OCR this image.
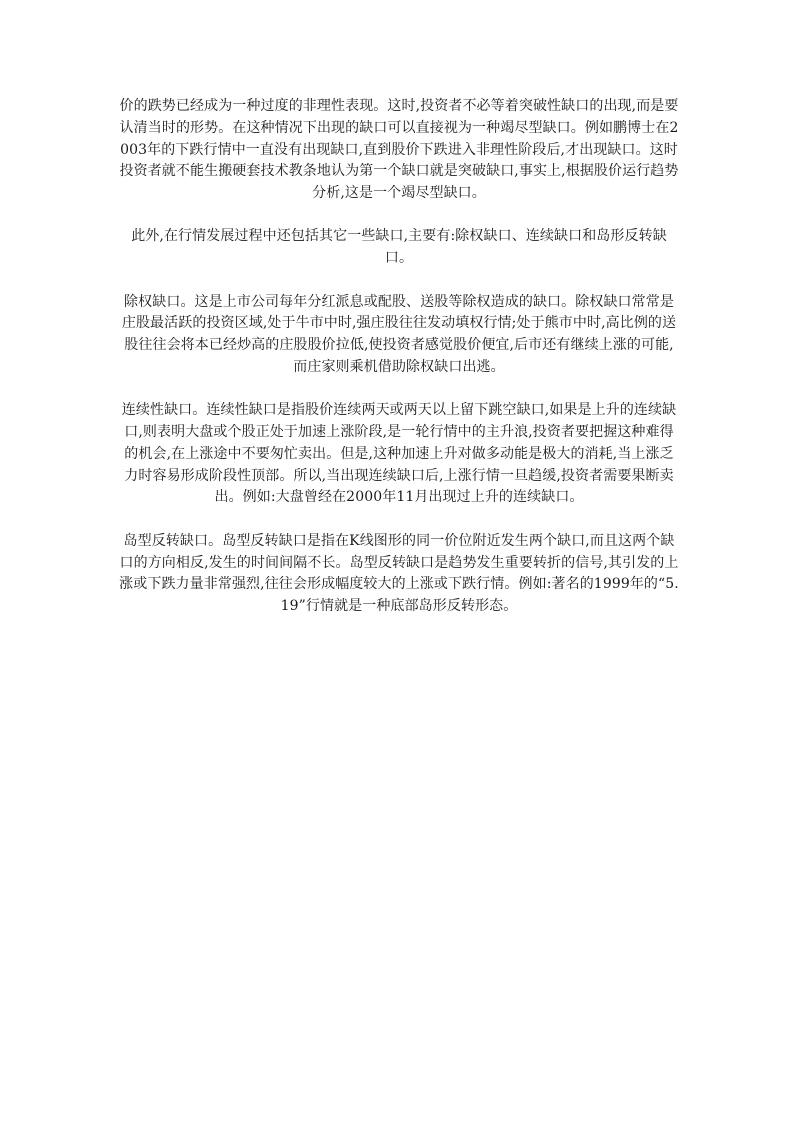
价的跌势已经成为一种过度的非理性表现。这时,投资者不必等着突破性缺口的出现,而是要认清当时的形势。在这种情况下出现的缺口可以直接视为一种竭尽型缺口。例如鹏博士在2003年的下跌行情中一直没有出现缺口,直到股价下跌进入非理性阶段后,才出现缺口。这时投资者就不能生搬硬套技术教条地认为第一个缺口就是突破缺口,事实上,根据股价运行趋势分析,这是一个竭尽型缺口。

此外,在行情发展过程中还包括其它一些缺口,主要有:除权缺口、连续缺口和岛形反转缺口。

除权缺口。这是上市公司每年分红派息或配股、送股等除权造成的缺口。除权缺口常常是庄股最活跃的投资区域,处于牛市中时,强庄股往往发动填权行情;处于熊市中时,高比例的送股往往会将本已经炒高的庄股股价拉低,使投资者感觉股价便宜,后市还有继续上涨的可能,而庄家则乘机借助除权缺口出逃。

连续性缺口。连续性缺口是指股价连续两天或两天以上留下跳空缺口,如果是上升的连续缺口,则表明大盘或个股正处于加速上涨阶段,是一轮行情中的主升浪,投资者要把握这种难得的机会,在上涨途中不要匆忙卖出。但是,这种加速上升对做多动能是极大的消耗,当上涨乏力时容易形成阶段性顶部。所以,当出现连续缺口后,上涨行情一旦趋缓,投资者需要果断卖出。例如:大盘曾经在2000年11月出现过上升的连续缺口。

岛型反转缺口。岛型反转缺口是指在K线图形的同一价位附近发生两个缺口,而且这两个缺口的方向相反,发生的时间间隔不长。岛型反转缺口是趋势发生重要转折的信号,其引发的上涨或下跌力量非常强烈,往往会形成幅度较大的上涨或下跌行情。例如:著名的1999年的“5.19”行情就是一种底部岛形反转形态。
